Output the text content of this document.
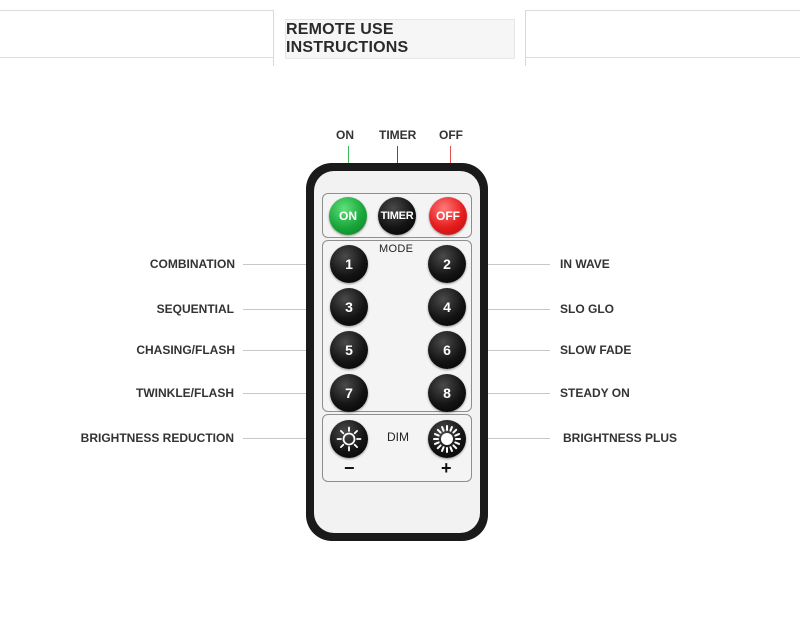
REMOTE USE INSTRUCTIONS
ON TIMER OFF
COMBINATION
SEQUENTIAL
CHASING/FLASH
TWINKLE/FLASH
BRIGHTNESS REDUCTION
IN WAVE
SLO GLO
SLOW FADE
STEADY ON
BRIGHTNESS PLUS
ON	TIMER	OFF
MODE
1	2
3	4
5	6
7	8
DIM
−	+
